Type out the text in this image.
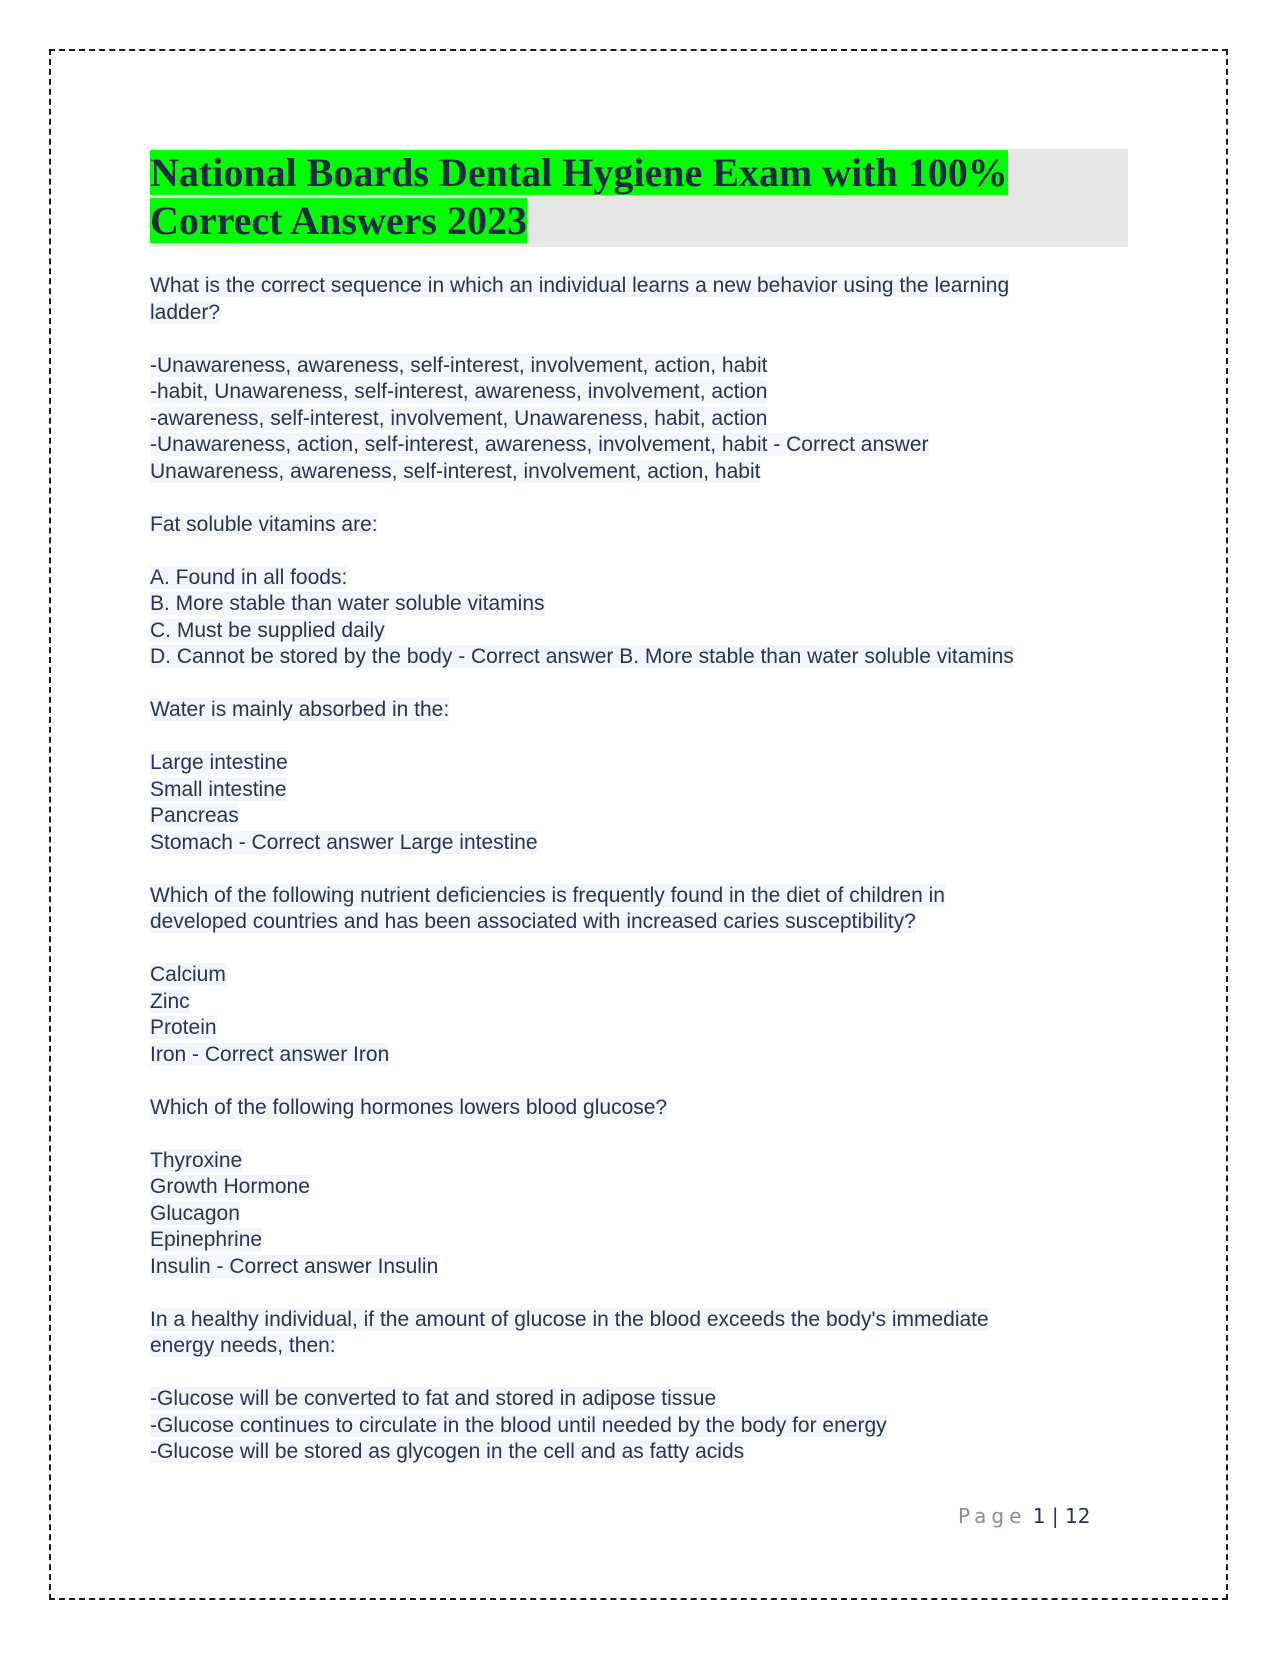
National Boards Dental Hygiene Exam with 100%
Correct Answers 2023
What is the correct sequence in which an individual learns a new behavior using the learning
ladder?
-Unawareness, awareness, self-interest, involvement, action, habit
-habit, Unawareness, self-interest, awareness, involvement, action
-awareness, self-interest, involvement, Unawareness, habit, action
-Unawareness, action, self-interest, awareness, involvement, habit - Correct answer
Unawareness, awareness, self-interest, involvement, action, habit
Fat soluble vitamins are:
A. Found in all foods:
B. More stable than water soluble vitamins
C. Must be supplied daily
D. Cannot be stored by the body - Correct answer B. More stable than water soluble vitamins
Water is mainly absorbed in the:
Large intestine
Small intestine
Pancreas
Stomach - Correct answer Large intestine
Which of the following nutrient deficiencies is frequently found in the diet of children in
developed countries and has been associated with increased caries susceptibility?
Calcium
Zinc
Protein
Iron - Correct answer Iron
Which of the following hormones lowers blood glucose?
Thyroxine
Growth Hormone
Glucagon
Epinephrine
Insulin - Correct answer Insulin
In a healthy individual, if the amount of glucose in the blood exceeds the body's immediate
energy needs, then:
-Glucose will be converted to fat and stored in adipose tissue
-Glucose continues to circulate in the blood until needed by the body for energy
-Glucose will be stored as glycogen in the cell and as fatty acids
Page 1 | 12
